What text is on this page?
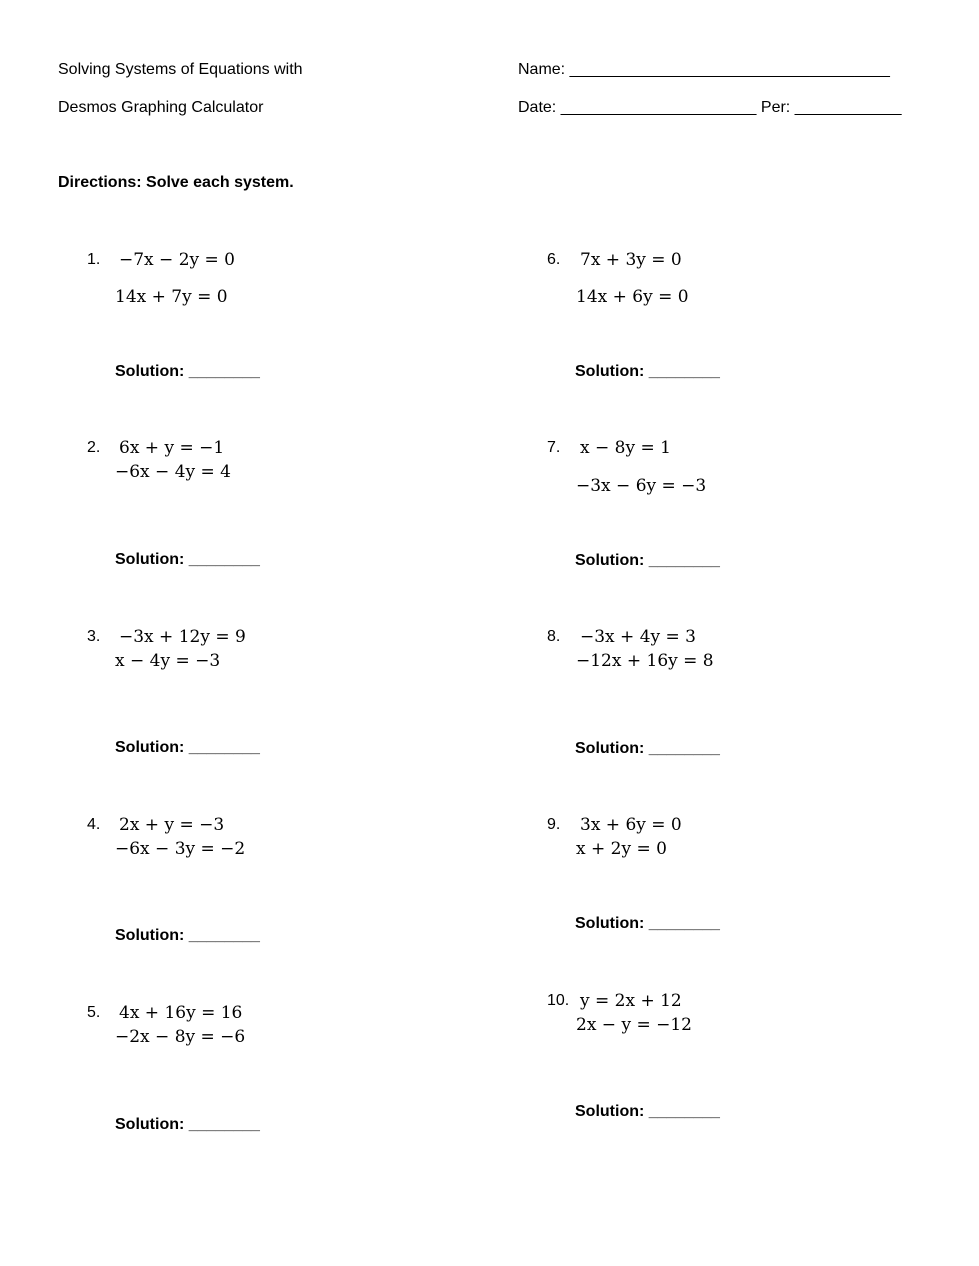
Solving Systems of Equations with
Desmos Graphing Calculator
Name: ____________________________________
Date: ______________________ Per: ____________
Directions: Solve each system.
1. −7x − 2y = 0
14x + 7y = 0
Solution: ________
2. 6x + y = −1
−6x − 4y = 4
Solution: ________
3. −3x + 12y = 9
x − 4y = −3
Solution: ________
4. 2x + y = −3
−6x − 3y = −2
Solution: ________
5. 4x + 16y = 16
−2x − 8y = −6
Solution: ________
6. 7x + 3y = 0
14x + 6y = 0
Solution: ________
7. x − 8y = 1
−3x − 6y = −3
Solution: ________
8. −3x + 4y = 3
−12x + 16y = 8
Solution: ________
9. 3x + 6y = 0
x + 2y = 0
Solution: ________
10. y = 2x + 12
2x − y = −12
Solution: ________
